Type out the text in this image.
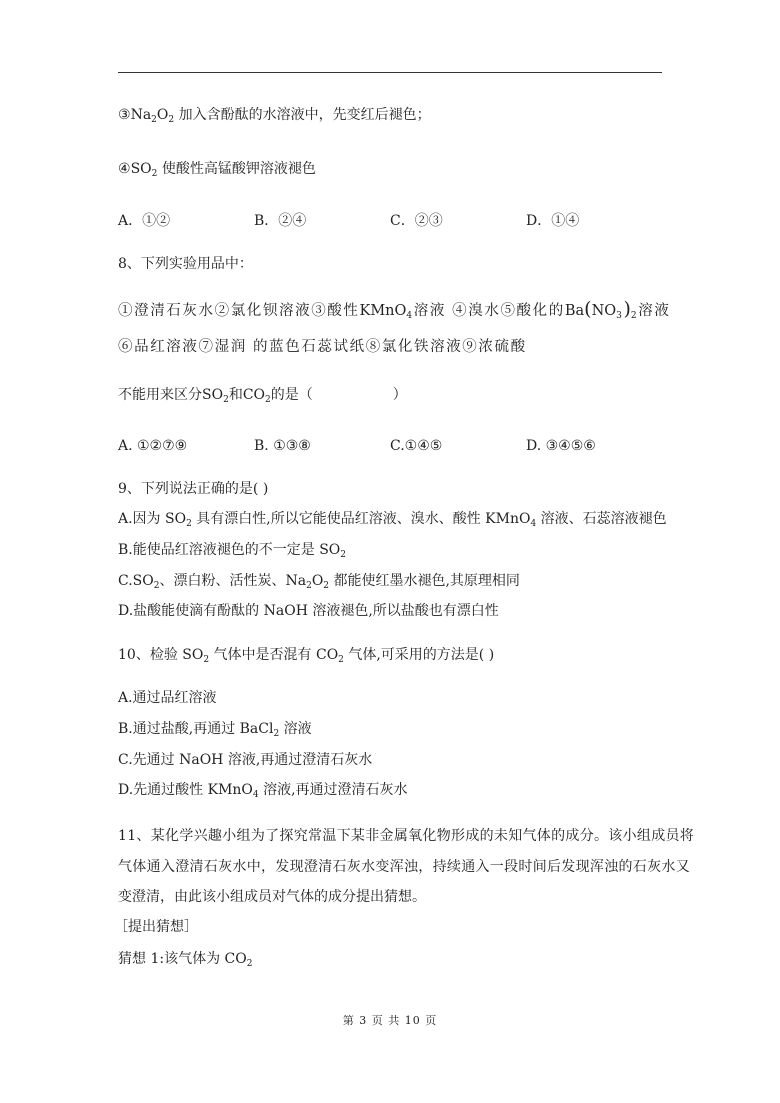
$③Na_2O_2$ 加入含酚酞的水溶液中，先变红后褪色；
$④SO_2$ 使酸性高锰酸钾溶液褪色
A．①②	B．②④	C．②③	D．①④
8、下列实验用品中：
①澄清石灰水②氯化钡溶液③酸性KMnO$_4$溶液 ④溴水⑤酸化的$Ba(NO_3)_2$溶液
⑥品红溶液⑦湿润 的蓝色石蕊试纸⑧氯化铁溶液⑨浓硫酸
不能用来区分$SO_2$和$CO_2$的是（	）
A. ①②⑦⑨	B. ①③⑧	C.①④⑤	D. ③④⑤⑥
9、下列说法正确的是( )
A.因为 $SO_2$ 具有漂白性,所以它能使品红溶液、溴水、酸性 KMnO$_4$ 溶液、石蕊溶液褪色
B.能使品红溶液褪色的不一定是 $SO_2$
$C.SO_2$、漂白粉、活性炭、$Na_2O_2$ 都能使红墨水褪色,其原理相同
D.盐酸能使滴有酚酞的 NaOH 溶液褪色,所以盐酸也有漂白性
10、检验 $SO_2$ 气体中是否混有 $CO_2$ 气体,可采用的方法是( )
A.通过品红溶液
B.通过盐酸,再通过 BaCl$_2$ 溶液
C.先通过 NaOH 溶液,再通过澄清石灰水
D.先通过酸性 KMnO$_4$ 溶液,再通过澄清石灰水
11、某化学兴趣小组为了探究常温下某非金属氧化物形成的未知气体的成分。该小组成员将
气体通入澄清石灰水中，发现澄清石灰水变浑浊，持续通入一段时间后发现浑浊的石灰水又
变澄清，由此该小组成员对气体的成分提出猜想。
［提出猜想］
猜想 1:该气体为 $CO_2$
第 3 页 共 10 页
